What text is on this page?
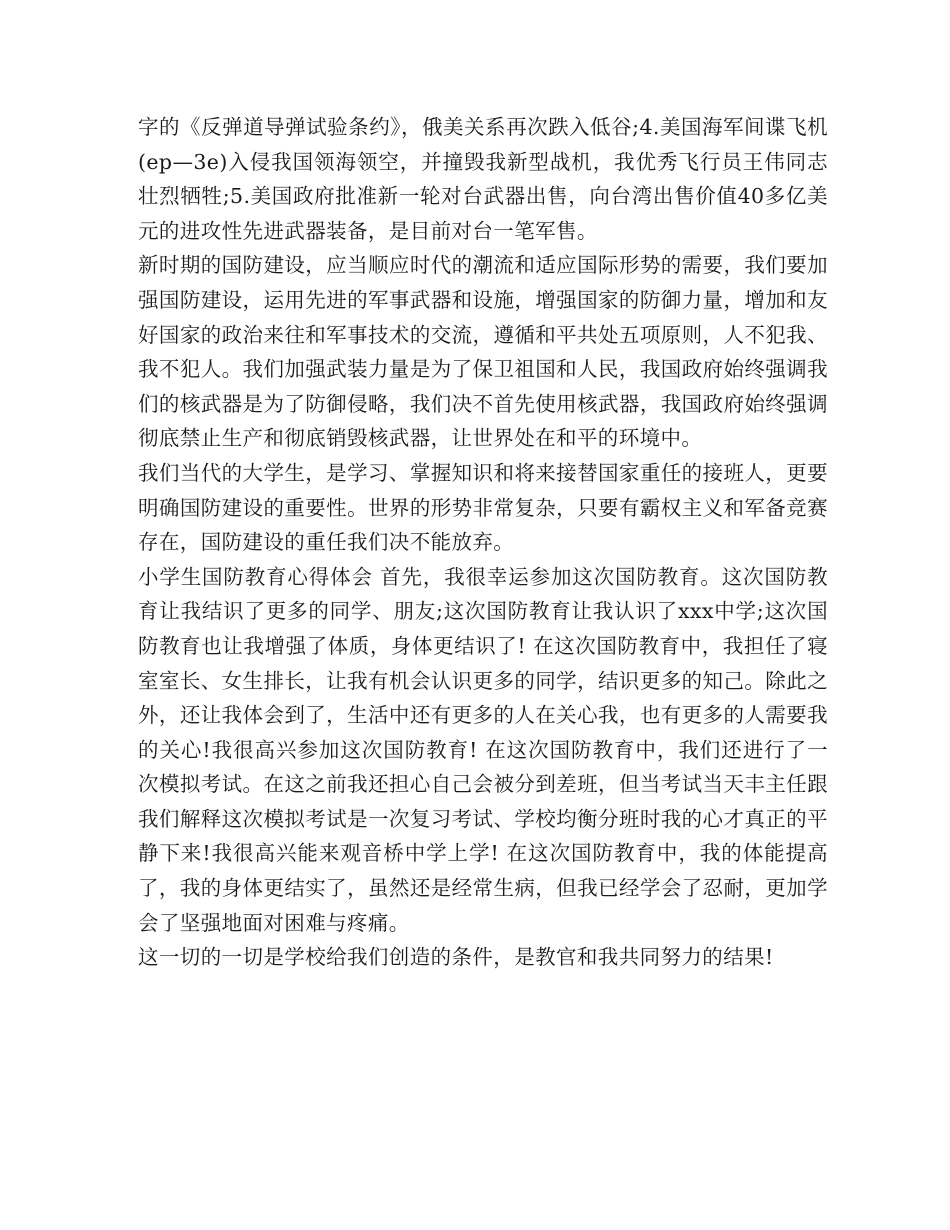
字的《反弹道导弹试验条约》，俄美关系再次跌入低谷;4.美国海军间谍飞机(ep—3e)入侵我国领海领空，并撞毁我新型战机，我优秀飞行员王伟同志壮烈牺牲;5.美国政府批准新一轮对台武器出售，向台湾出售价值40多亿美元的进攻性先进武器装备，是目前对台一笔军售。

新时期的国防建设，应当顺应时代的潮流和适应国际形势的需要，我们要加强国防建设，运用先进的军事武器和设施，增强国家的防御力量，增加和友好国家的政治来往和军事技术的交流，遵循和平共处五项原则，人不犯我、我不犯人。我们加强武装力量是为了保卫祖国和人民，我国政府始终强调我们的核武器是为了防御侵略，我们决不首先使用核武器，我国政府始终强调彻底禁止生产和彻底销毁核武器，让世界处在和平的环境中。

我们当代的大学生，是学习、掌握知识和将来接替国家重任的接班人，更要明确国防建设的重要性。世界的形势非常复杂，只要有霸权主义和军备竞赛存在，国防建设的重任我们决不能放弃。

小学生国防教育心得体会 首先，我很幸运参加这次国防教育。这次国防教育让我结识了更多的同学、朋友;这次国防教育让我认识了xxx中学;这次国防教育也让我增强了体质，身体更结识了! 在这次国防教育中，我担任了寝室室长、女生排长，让我有机会认识更多的同学，结识更多的知己。除此之外，还让我体会到了，生活中还有更多的人在关心我，也有更多的人需要我的关心!我很高兴参加这次国防教育! 在这次国防教育中，我们还进行了一次模拟考试。在这之前我还担心自己会被分到差班，但当考试当天丰主任跟我们解释这次模拟考试是一次复习考试、学校均衡分班时我的心才真正的平静下来!我很高兴能来观音桥中学上学! 在这次国防教育中，我的体能提高了，我的身体更结实了，虽然还是经常生病，但我已经学会了忍耐，更加学会了坚强地面对困难与疼痛。

这一切的一切是学校给我们创造的条件，是教官和我共同努力的结果!
